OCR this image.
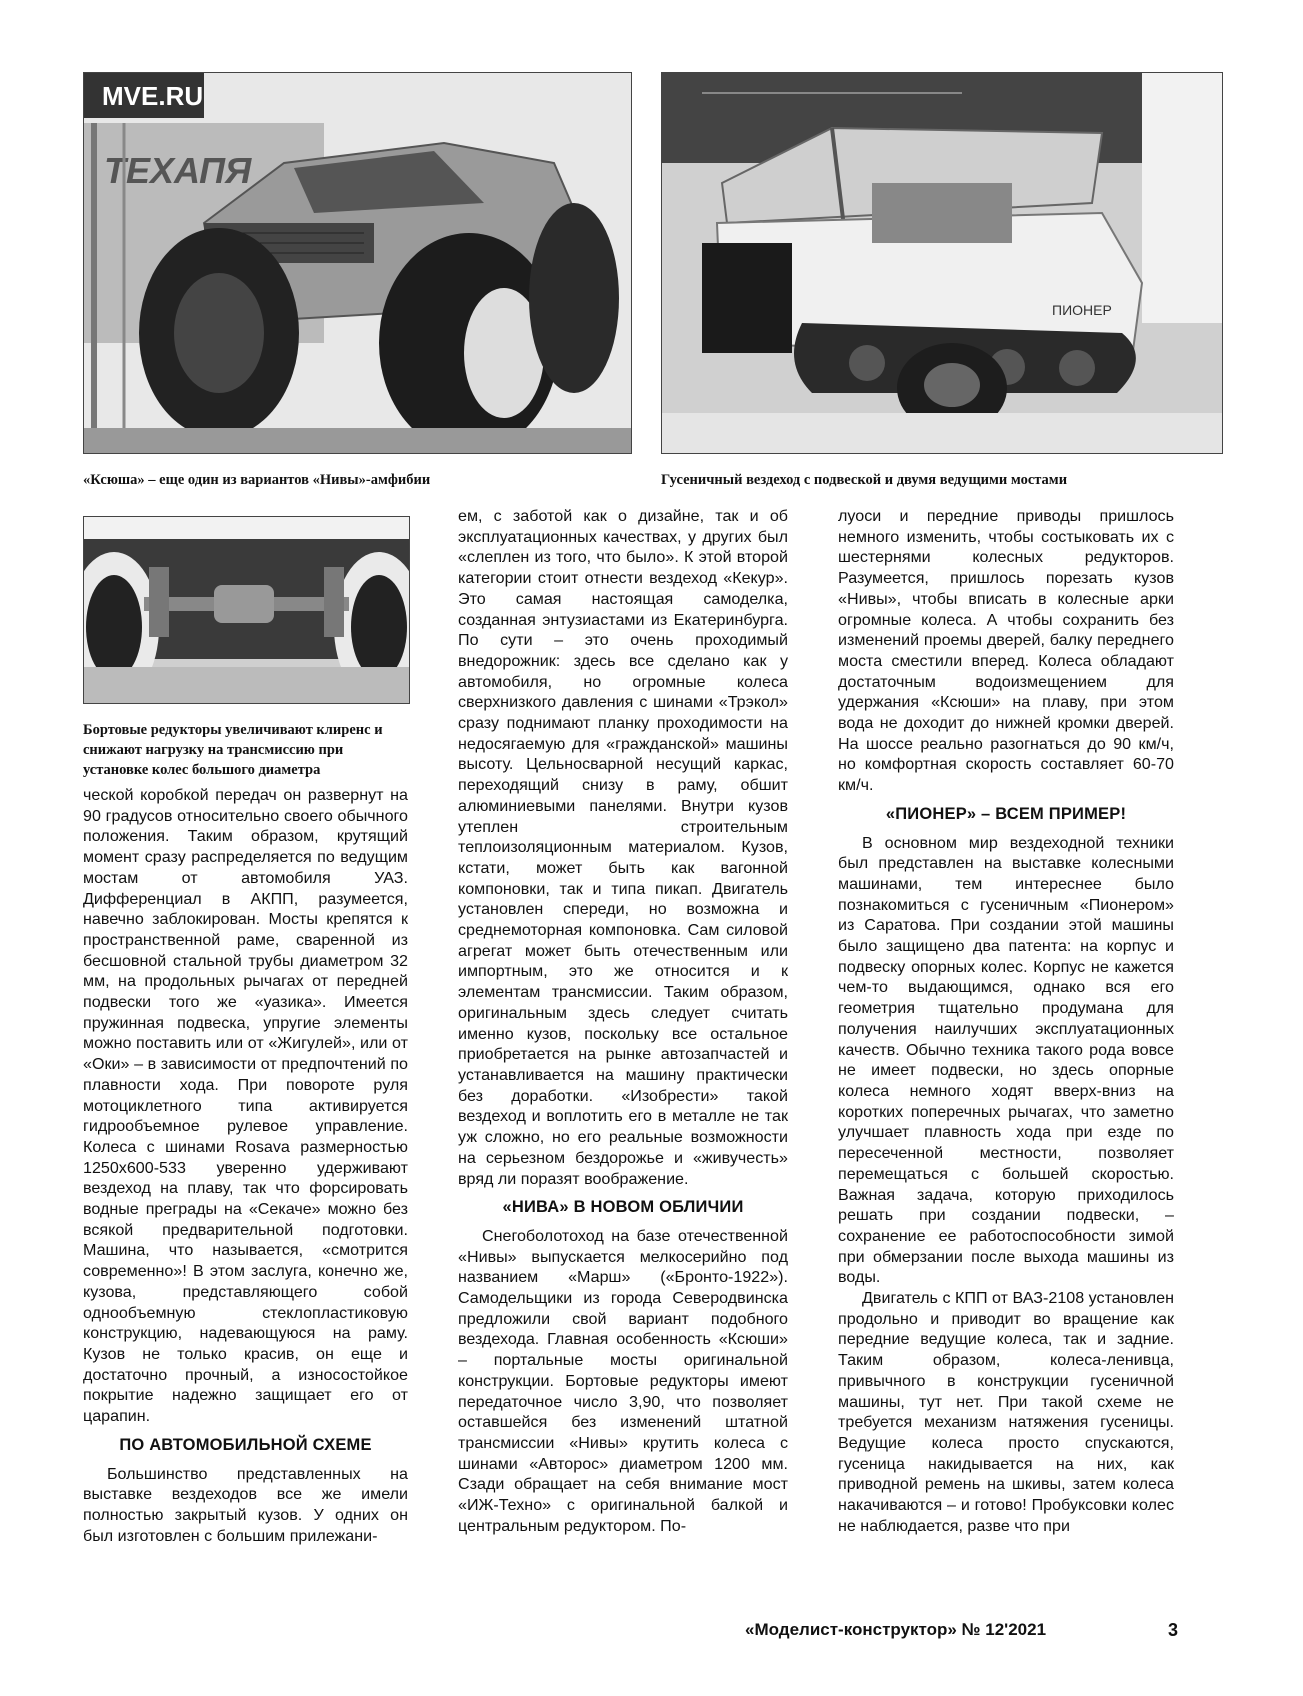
MVE.RU
ТЕХАПЯ
«Ксюша» – еще один из вариантов «Нивы»-амфибии
ПИОНЕР
Гусеничный вездеход с подвеской и двумя ведущими мостами
Бортовые редукторы увеличивают клиренс и снижают нагрузку на трансмиссию при установке колес большого диаметра

ческой коробкой передач он развернут на 90 градусов относительно своего обычного положения. Таким образом, крутящий момент сразу распределяется по ведущим мостам от автомобиля УАЗ. Дифференциал в АКПП, разумеется, навечно заблокирован. Мосты крепятся к пространственной раме, сваренной из бесшовной стальной трубы диаметром 32 мм, на продольных рычагах от передней подвески того же «уазика». Имеется пружинная подвеска, упругие элементы можно поставить или от «Жигулей», или от «Оки» – в зависимости от предпочтений по плавности хода. При повороте руля мотоциклетного типа активируется гидрообъемное рулевое управление. Колеса с шинами Rosava размерностью 1250х600-533 уверенно удерживают вездеход на плаву, так что форсировать водные преграды на «Секаче» можно без всякой предварительной подготовки. Машина, что называется, «смотрится современно»! В этом заслуга, конечно же, кузова, представляющего собой однообъемную стеклопластиковую конструкцию, надевающуюся на раму. Кузов не только красив, он еще и достаточно прочный, а износостойкое покрытие надежно защищает его от царапин.

ПО АВТОМОБИЛЬНОЙ СХЕМЕ

Большинство представленных на выставке вездеходов все же имели полностью закрытый кузов. У одних он был изготовлен с большим прилежани-

ем, с заботой как о дизайне, так и об эксплуатационных качествах, у других был «слеплен из того, что было». К этой второй категории стоит отнести вездеход «Кекур». Это самая настоящая самоделка, созданная энтузиастами из Екатеринбурга. По сути – это очень проходимый внедорожник: здесь все сделано как у автомобиля, но огромные колеса сверхнизкого давления с шинами «Трэкол» сразу поднимают планку проходимости на недосягаемую для «гражданской» машины высоту. Цельносварной несущий каркас, переходящий снизу в раму, обшит алюминиевыми панелями. Внутри кузов утеплен строительным теплоизоляционным материалом. Кузов, кстати, может быть как вагонной компоновки, так и типа пикап. Двигатель установлен спереди, но возможна и среднемоторная компоновка. Сам силовой агрегат может быть отечественным или импортным, это же относится и к элементам трансмиссии. Таким образом, оригинальным здесь следует считать именно кузов, поскольку все остальное приобретается на рынке автозапчастей и устанавливается на машину практически без доработки. «Изобрести» такой вездеход и воплотить его в металле не так уж сложно, но его реальные возможности на серьезном бездорожье и «живучесть» вряд ли поразят воображение.

«НИВА» В НОВОМ ОБЛИЧИИ

Снегоболотоход на базе отечественной «Нивы» выпускается мелкосерийно под названием «Марш» («Бронто-1922»). Самодельщики из города Северодвинска предложили свой вариант подобного вездехода. Главная особенность «Ксюши» – портальные мосты оригинальной конструкции. Бортовые редукторы имеют передаточное число 3,90, что позволяет оставшейся без изменений штатной трансмиссии «Нивы» крутить колеса с шинами «Авторос» диаметром 1200 мм. Сзади обращает на себя внимание мост «ИЖ-Техно» с оригинальной балкой и центральным редуктором. По-

луоси и передние приводы пришлось немного изменить, чтобы состыковать их с шестернями колесных редукторов. Разумеется, пришлось порезать кузов «Нивы», чтобы вписать в колесные арки огромные колеса. А чтобы сохранить без изменений проемы дверей, балку переднего моста сместили вперед. Колеса обладают достаточным водоизмещением для удержания «Ксюши» на плаву, при этом вода не доходит до нижней кромки дверей. На шоссе реально разогнаться до 90 км/ч, но комфортная скорость составляет 60-70 км/ч.

«ПИОНЕР» – ВСЕМ ПРИМЕР!

В основном мир вездеходной техники был представлен на выставке колесными машинами, тем интереснее было познакомиться с гусеничным «Пионером» из Саратова. При создании этой машины было защищено два патента: на корпус и подвеску опорных колес. Корпус не кажется чем-то выдающимся, однако вся его геометрия тщательно продумана для получения наилучших эксплуатационных качеств. Обычно техника такого рода вовсе не имеет подвески, но здесь опорные колеса немного ходят вверх-вниз на коротких поперечных рычагах, что заметно улучшает плавность хода при езде по пересеченной местности, позволяет перемещаться с большей скоростью. Важная задача, которую приходилось решать при создании подвески, – сохранение ее работоспособности зимой при обмерзании после выхода машины из воды.

Двигатель с КПП от ВАЗ-2108 установлен продольно и приводит во вращение как передние ведущие колеса, так и задние. Таким образом, колеса-ленивца, привычного в конструкции гусеничной машины, тут нет. При такой схеме не требуется механизм натяжения гусеницы. Ведущие колеса просто спускаются, гусеница накидывается на них, как приводной ремень на шкивы, затем колеса накачиваются – и готово! Пробуксовки колес не наблюдается, разве что при

«Моделист-конструктор» № 12'2021	3
